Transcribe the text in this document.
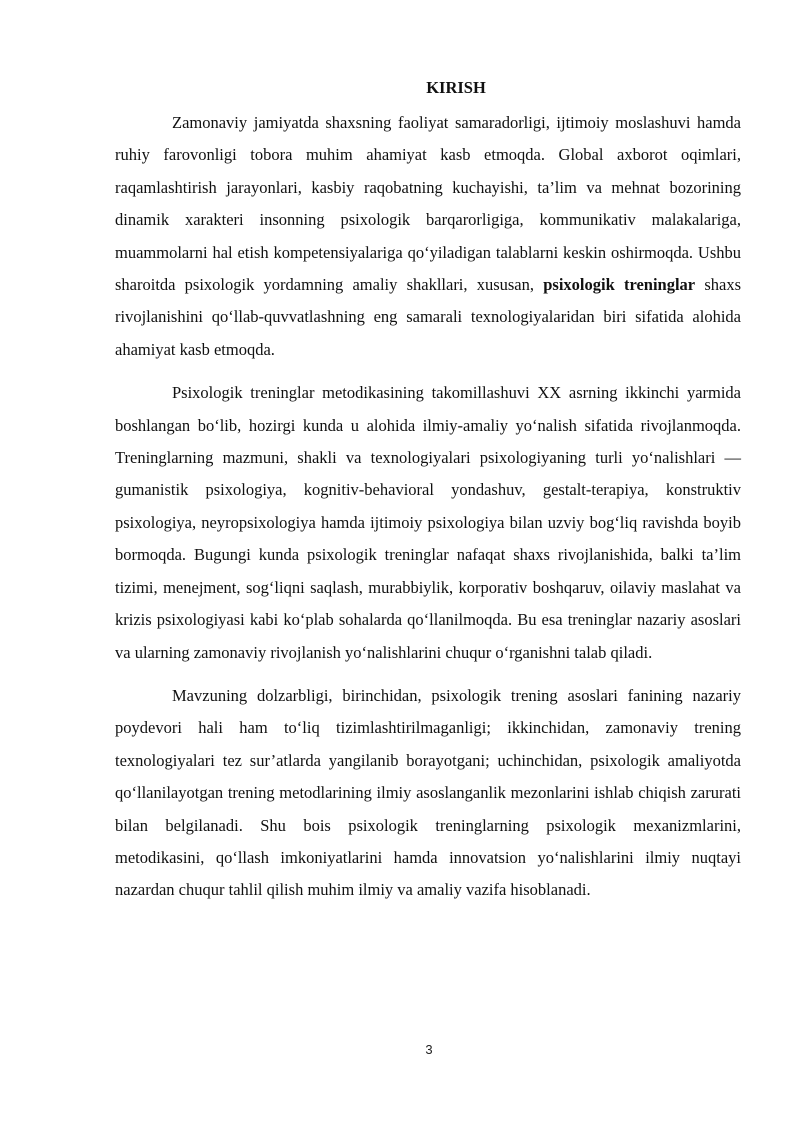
KIRISH

Zamonaviy jamiyatda shaxsning faoliyat samaradorligi, ijtimoiy moslashuvi hamda ruhiy farovonligi tobora muhim ahamiyat kasb etmoqda. Global axborot oqimlari, raqamlashtirish jarayonlari, kasbiy raqobatning kuchayishi, ta’lim va mehnat bozorining dinamik xarakteri insonning psixologik barqarorligiga, kommunikativ malakalariga, muammolarni hal etish kompetensiyalariga qo‘yiladigan talablarni keskin oshirmoqda. Ushbu sharoitda psixologik yordamning amaliy shakllari, xususan, psixologik treninglar shaxs rivojlanishini qo‘llab-quvvatlashning eng samarali texnologiyalaridan biri sifatida alohida ahamiyat kasb etmoqda.

Psixologik treninglar metodikasining takomillashuvi XX asrning ikkinchi yarmida boshlangan bo‘lib, hozirgi kunda u alohida ilmiy-amaliy yo‘nalish sifatida rivojlanmoqda. Treninglarning mazmuni, shakli va texnologiyalari psixologiyaning turli yo‘nalishlari — gumanistik psixologiya, kognitiv-behavioral yondashuv, gestalt-terapiya, konstruktiv psixologiya, neyropsixologiya hamda ijtimoiy psixologiya bilan uzviy bog‘liq ravishda boyib bormoqda. Bugungi kunda psixologik treninglar nafaqat shaxs rivojlanishida, balki ta’lim tizimi, menejment, sog‘liqni saqlash, murabbiylik, korporativ boshqaruv, oilaviy maslahat va krizis psixologiyasi kabi ko‘plab sohalarda qo‘llanilmoqda. Bu esa treninglar nazariy asoslari va ularning zamonaviy rivojlanish yo‘nalishlarini chuqur o‘rganishni talab qiladi.

Mavzuning dolzarbligi, birinchidan, psixologik trening asoslari fanining nazariy poydevori hali ham to‘liq tizimlashtirilmaganligi; ikkinchidan, zamonaviy trening texnologiyalari tez sur’atlarda yangilanib borayotgani; uchinchidan, psixologik amaliyotda qo‘llanilayotgan trening metodlarining ilmiy asoslanganlik mezonlarini ishlab chiqish zarurati bilan belgilanadi. Shu bois psixologik treninglarning psixologik mexanizmlarini, metodikasini, qo‘llash imkoniyatlarini hamda innovatsion yo‘nalishlarini ilmiy nuqtayi nazardan chuqur tahlil qilish muhim ilmiy va amaliy vazifa hisoblanadi.

3
